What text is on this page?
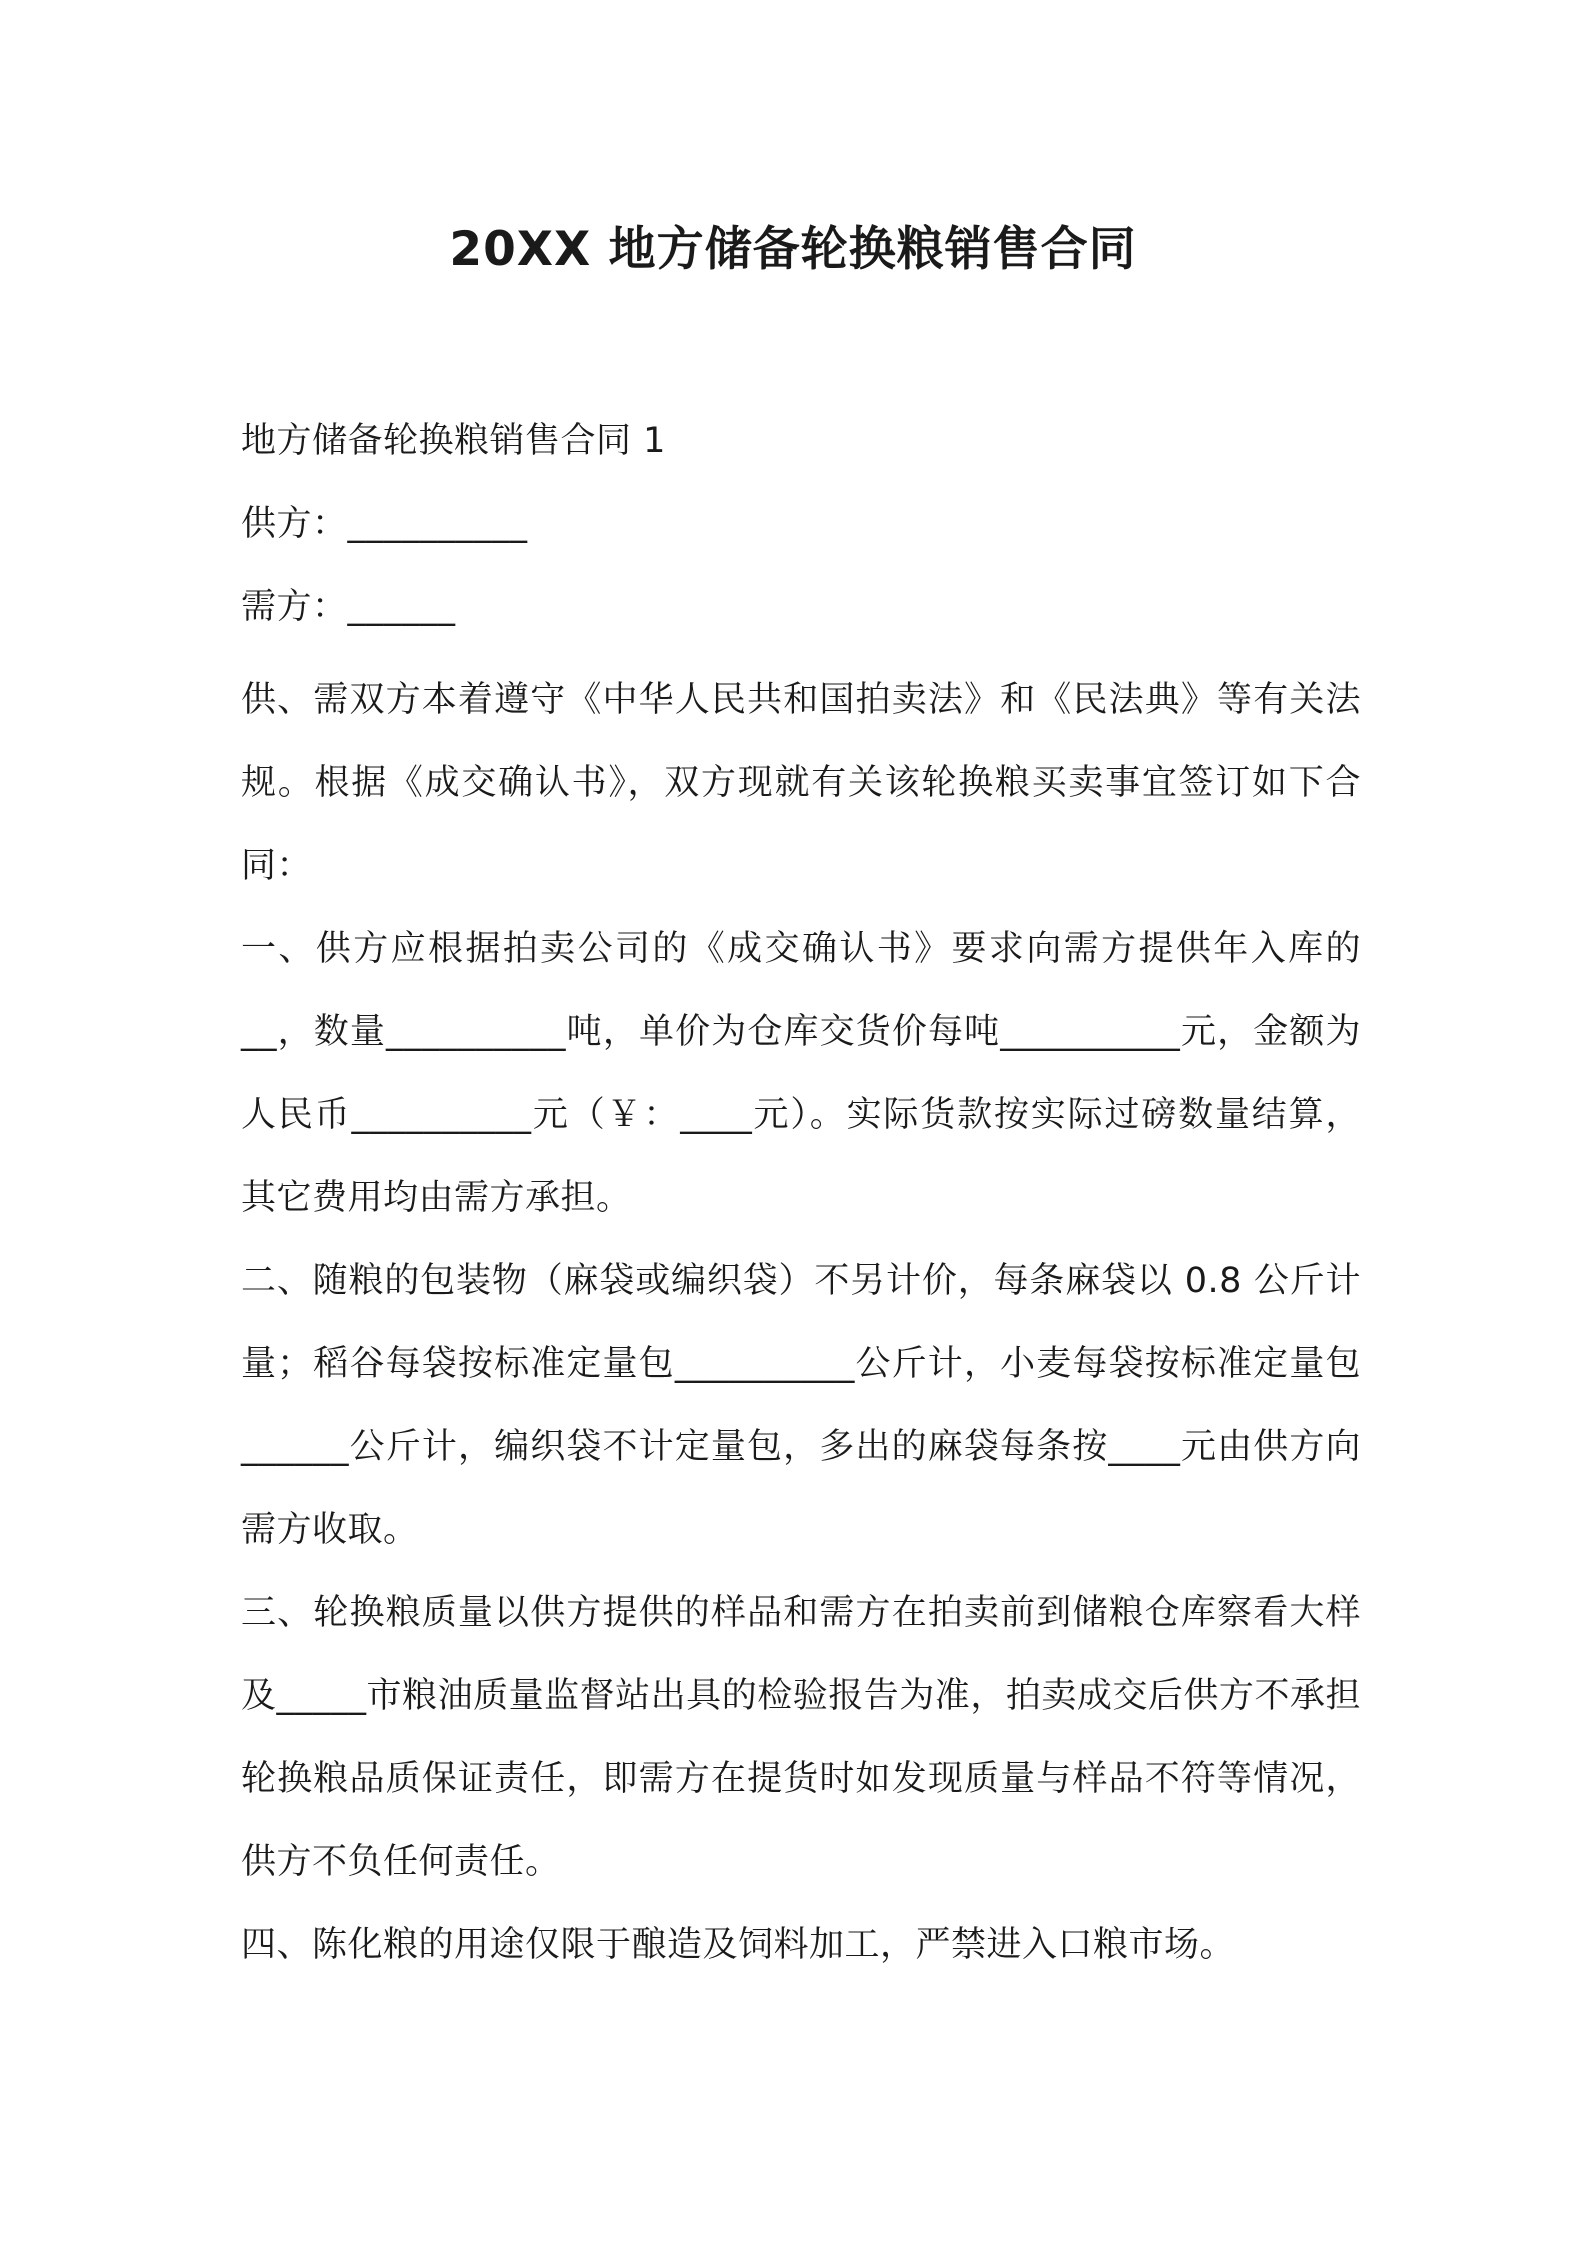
20XX 地方储备轮换粮销售合同
地方储备轮换粮销售合同 1
供方：__________
需方：______

供、需双方本着遵守《中华人民共和国拍卖法》和《民法典》等有关法规。根据《成交确认书》，双方现就有关该轮换粮买卖事宜签订如下合同：

一、供方应根据拍卖公司的《成交确认书》要求向需方提供年入库的__，数量__________吨，单价为仓库交货价每吨__________元，金额为人民币__________元（￥：____元）。实际货款按实际过磅数量结算，其它费用均由需方承担。

二、随粮的包装物（麻袋或编织袋）不另计价，每条麻袋以 0.8 公斤计量；稻谷每袋按标准定量包__________公斤计，小麦每袋按标准定量包______公斤计，编织袋不计定量包，多出的麻袋每条按____元由供方向需方收取。

三、轮换粮质量以供方提供的样品和需方在拍卖前到储粮仓库察看大样及_____市粮油质量监督站出具的检验报告为准，拍卖成交后供方不承担轮换粮品质保证责任，即需方在提货时如发现质量与样品不符等情况，供方不负任何责任。

四、陈化粮的用途仅限于酿造及饲料加工，严禁进入口粮市场。
